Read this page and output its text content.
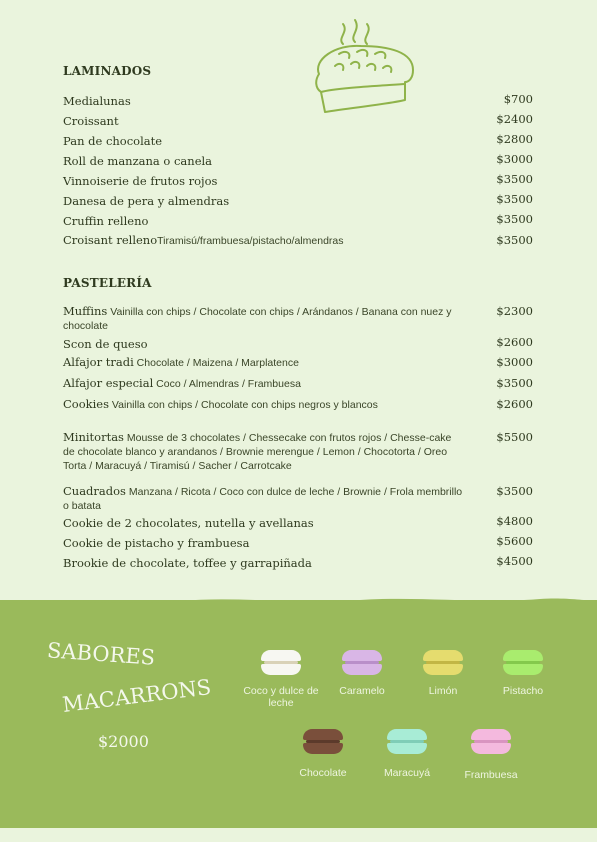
LAMINADOS
Medialunas	$700
Croissant	$2400
Pan de chocolate	$2800
Roll de manzana o canela	$3000
Vinnoiserie de frutos rojos	$3500
Danesa de pera y almendras	$3500
Cruffin relleno	$3500
Croisant rellenoTiramisú/frambuesa/pistacho/almendras	$3500
PASTELERÍA
Muffins Vainilla con chips / Chocolate con chips / Arándanos / Banana con nuez y chocolate
$2300
Scon de queso	$2600
Alfajor tradi Chocolate / Maizena / Marplatence	$3000
Alfajor especial Coco / Almendras / Frambuesa	$3500
Cookies Vainilla con chips / Chocolate con chips negros y blancos	$2600
Minitortas Mousse de 3 chocolates / Chessecake con frutos rojos / Chesse-cake de chocolate blanco y arandanos / Brownie merengue / Lemon / Chocotorta / Oreo Torta / Maracuyá / Tiramisú / Sacher / Carrotcake
$5500
Cuadrados Manzana / Ricota / Coco con dulce de leche / Brownie / Frola membrillo o batata
$3500
Cookie de 2 chocolates, nutella y avellanas	$4800
Cookie de pistacho y frambuesa	$5600
Brookie de chocolate, toffee y garrapiñada	$4500
SABORES
MACARRONS
$2000
Coco y dulce de leche
Caramelo	Limón	Pistacho
Chocolate	Maracuyá	Frambuesa
